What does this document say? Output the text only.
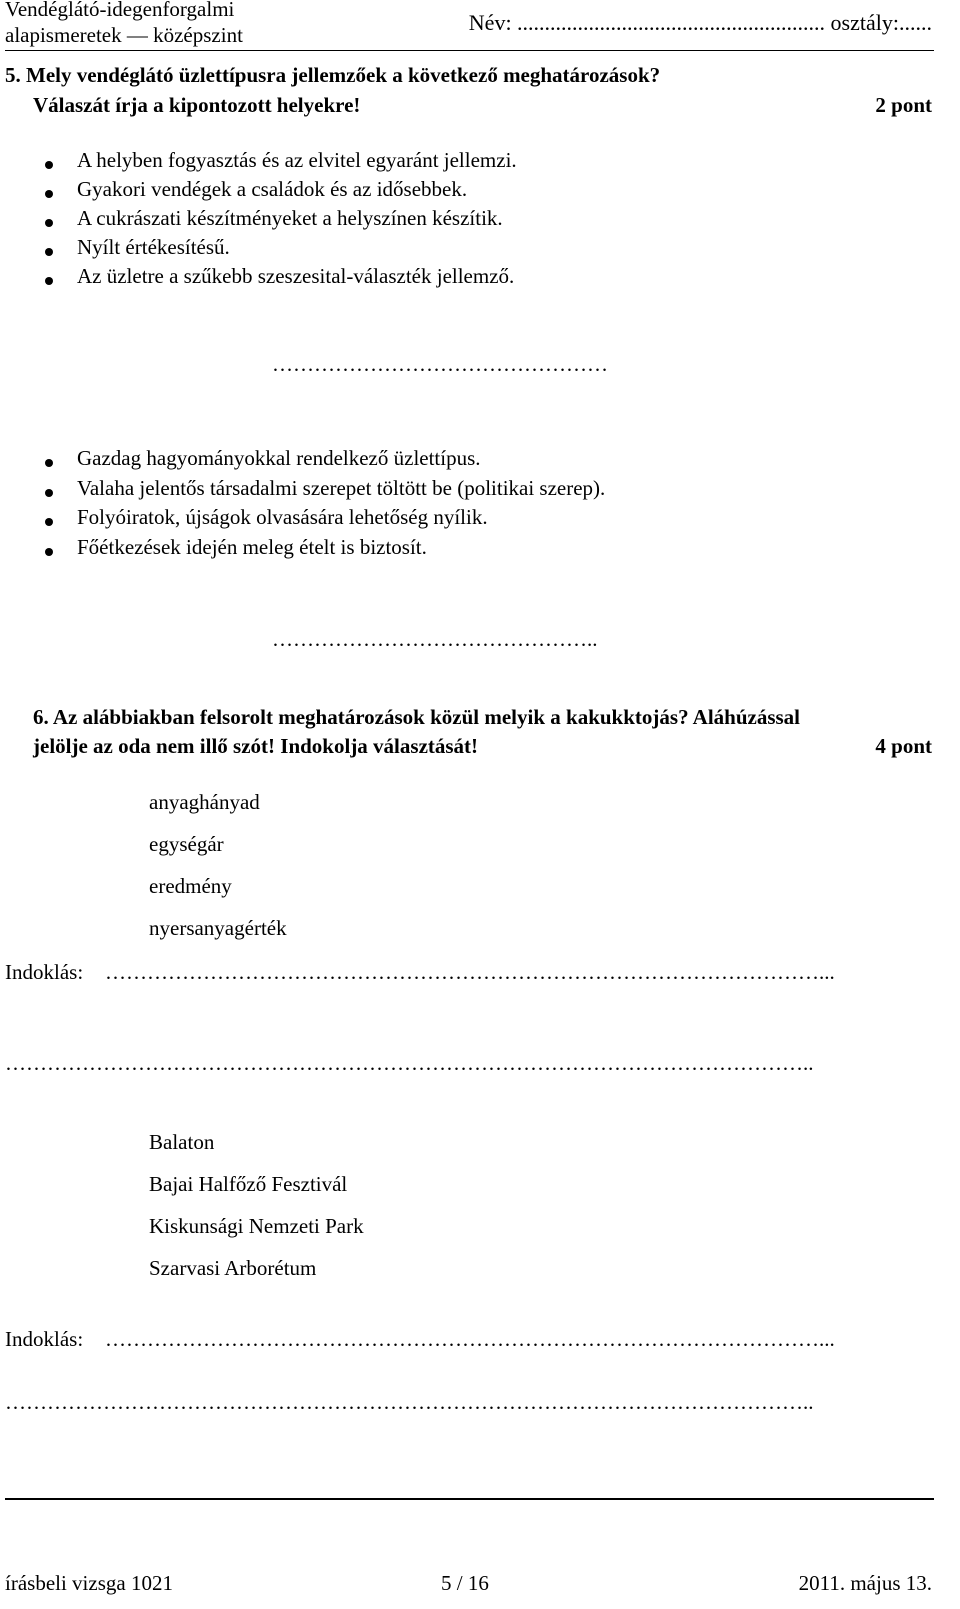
Vendéglátó-idegenforgalmi
alapismeretek — középszint	Név: ........................................................ osztály:......
5. Mely vendéglátó üzlettípusra jellemzőek a következő meghatározások?
Válaszát írja a kipontozott helyekre!	2 pont
A helyben fogyasztás és az elvitel egyaránt jellemzi.
Gyakori vendégek a családok és az idősebbek.
A cukrászati készítményeket a helyszínen készítik.
Nyílt értékesítésű.
Az üzletre a szűkebb szeszesital-választék jellemző.
…………………………………………
Gazdag hagyományokkal rendelkező üzlettípus.
Valaha jelentős társadalmi szerepet töltött be (politikai szerep).
Folyóiratok, újságok olvasására lehetőség nyílik.
Főétkezések idején meleg ételt is biztosít.
………………………………………..
6. Az alábbiakban felsorolt meghatározások közül melyik a kakukktojás? Aláhúzással
jelölje az oda nem illő szót! Indokolja választását!	4 pont
anyaghányad
egységár
eredmény
nyersanyagérték
Indoklás: …………………………………………………………………………………………...
……………………………………………………………………………………………………..
Balaton
Bajai Halfőző Fesztivál
Kiskunsági Nemzeti Park
Szarvasi Arborétum
Indoklás: …………………………………………………………………………………………...
……………………………………………………………………………………………………..
írásbeli vizsga 1021	5 / 16	2011. május 13.
